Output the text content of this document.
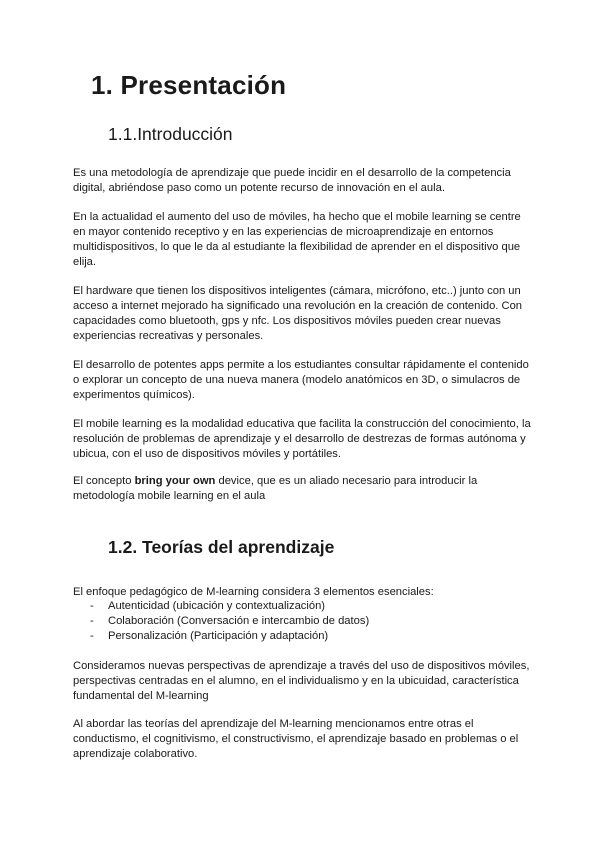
1. Presentación
1.1.Introducción

Es una metodología de aprendizaje que puede incidir en el desarrollo de la competencia digital, abriéndose paso como un potente recurso de innovación en el aula.

En la actualidad el aumento del uso de móviles, ha hecho que el mobile learning se centre en mayor contenido receptivo y en las experiencias de microaprendizaje en entornos multidispositivos, lo que le da al estudiante la flexibilidad de aprender en el dispositivo que elija.

El hardware que tienen los dispositivos inteligentes (cámara, micrófono, etc..) junto con un acceso a internet mejorado ha significado una revolución en la creación de contenido. Con capacidades como bluetooth, gps y nfc. Los dispositivos móviles pueden crear nuevas experiencias recreativas y personales.

El desarrollo de potentes apps permite a los estudiantes consultar rápidamente el contenido o explorar un concepto de una nueva manera (modelo anatómicos en 3D, o simulacros de experimentos químicos).

El mobile learning es la modalidad educativa que facilita la construcción del conocimiento, la resolución de problemas de aprendizaje y el desarrollo de destrezas de formas autónoma y ubicua, con el uso de dispositivos móviles y portátiles.

El concepto bring your own device, que es un aliado necesario para introducir la metodología mobile learning en el aula

1.2. Teorías del aprendizaje

El enfoque pedagógico de M-learning considera 3 elementos esenciales:

- Autenticidad (ubicación y contextualización)
- Colaboración (Conversación e intercambio de datos)
- Personalización (Participación y adaptación)

Consideramos nuevas perspectivas de aprendizaje a través del uso de dispositivos móviles, perspectivas centradas en el alumno, en el individualismo y en la ubicuidad, característica fundamental del M-learning

Al abordar las teorías del aprendizaje del M-learning mencionamos entre otras el conductismo, el cognitivismo, el constructivismo, el aprendizaje basado en problemas o el aprendizaje colaborativo.
